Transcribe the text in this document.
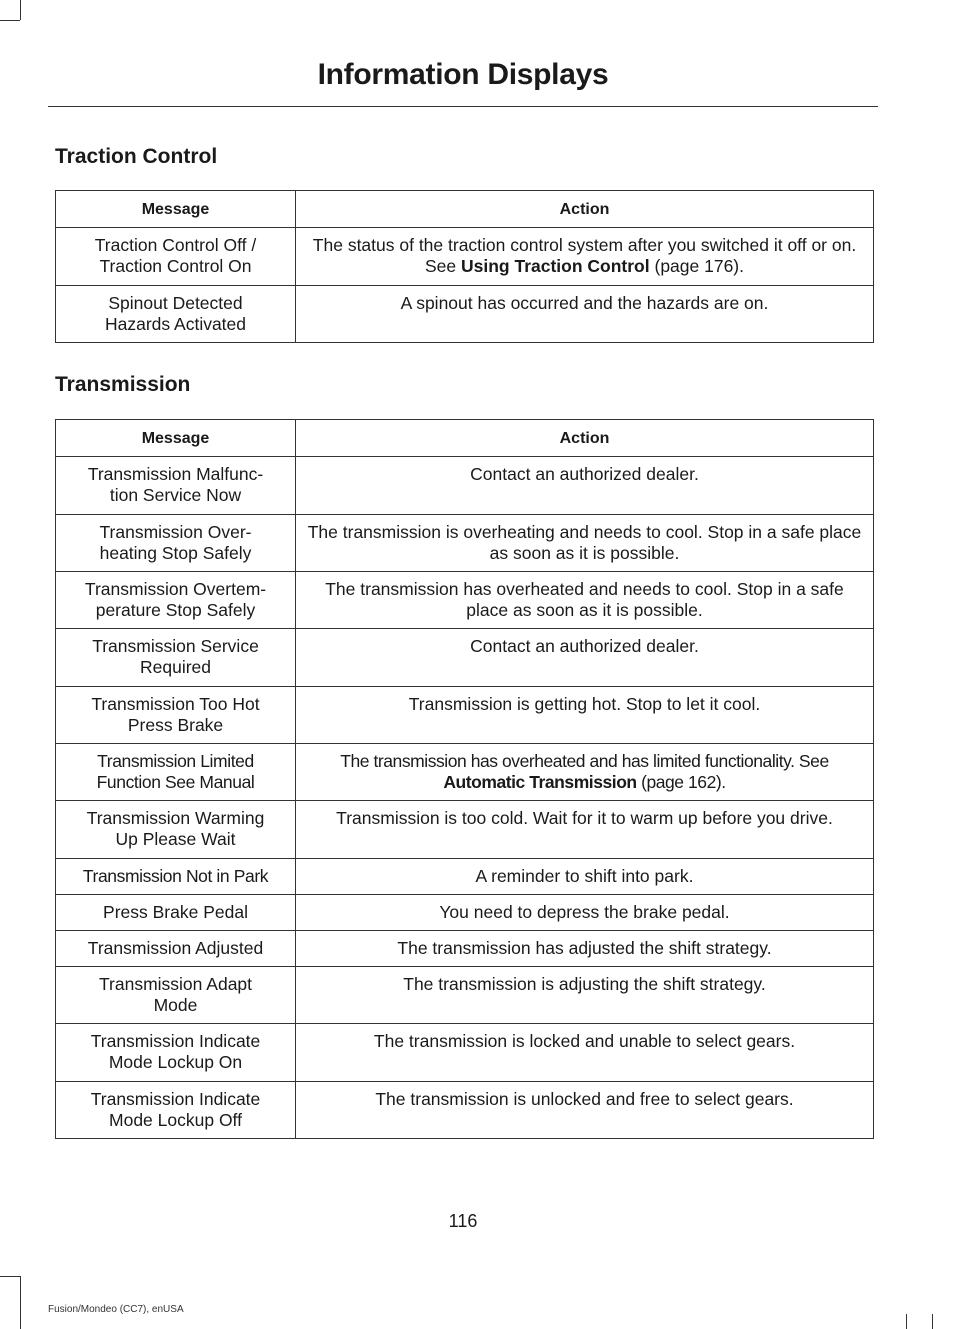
Information Displays
Traction Control
Message	Action
Traction Control Off /
Traction Control On	The status of the traction control system after you switched it off or on. See Using Traction Control (page 176).
Spinout Detected
Hazards Activated	A spinout has occurred and the hazards are on.
Transmission
Message	Action
Transmission Malfunc-
tion Service Now	Contact an authorized dealer.
Transmission Over-
heating Stop Safely	The transmission is overheating and needs to cool. Stop in a safe place as soon as it is possible.
Transmission Overtem-
perature Stop Safely	The transmission has overheated and needs to cool. Stop in a safe place as soon as it is possible.
Transmission Service
Required	Contact an authorized dealer.
Transmission Too Hot
Press Brake	Transmission is getting hot. Stop to let it cool.
Transmission Limited
Function See Manual	The transmission has overheated and has limited functionality. See Automatic Transmission (page 162).
Transmission Warming
Up Please Wait	Transmission is too cold. Wait for it to warm up before you drive.
Transmission Not in Park	A reminder to shift into park.
Press Brake Pedal	You need to depress the brake pedal.
Transmission Adjusted	The transmission has adjusted the shift strategy.
Transmission Adapt
Mode	The transmission is adjusting the shift strategy.
Transmission Indicate
Mode Lockup On	The transmission is locked and unable to select gears.
Transmission Indicate
Mode Lockup Off	The transmission is unlocked and free to select gears.
116
Fusion/Mondeo (CC7), enUSA
